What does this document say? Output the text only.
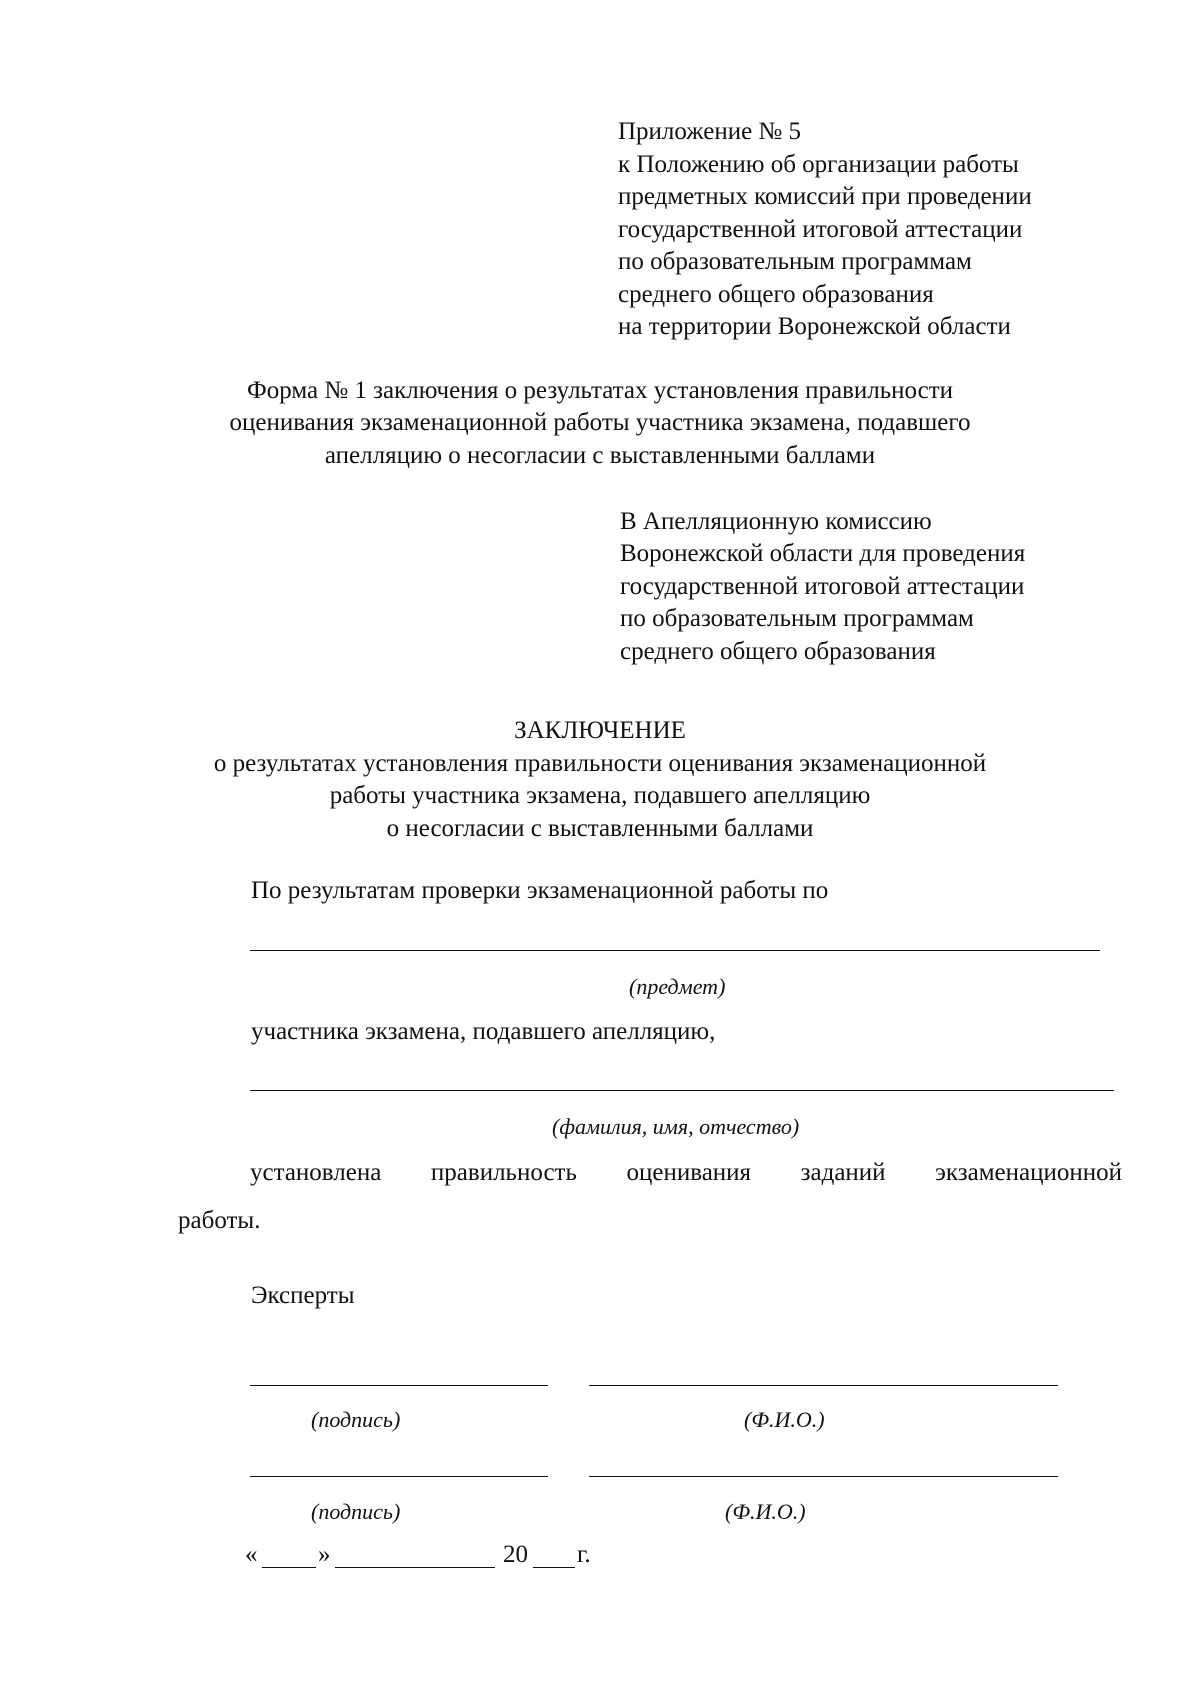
Приложение № 5
к Положению об организации работы
предметных комиссий при проведении
государственной итоговой аттестации
по образовательным программам
среднего общего образования
на территории Воронежской области
Форма № 1 заключения о результатах установления правильности
оценивания экзаменационной работы участника экзамена, подавшего
апелляцию о несогласии с выставленными баллами
В Апелляционную комиссию
Воронежской области для проведения
государственной итоговой аттестации
по образовательным программам
среднего общего образования
ЗАКЛЮЧЕНИЕ
о результатах установления правильности оценивания экзаменационной
работы участника экзамена, подавшего апелляцию
о несогласии с выставленными баллами
По результатам проверки экзаменационной работы по
(предмет)
участника экзамена, подавшего апелляцию,
(фамилия, имя, отчество)
установлена правильность оценивания заданий экзаменационной
работы.
Эксперты
(подпись)	(Ф.И.О.)
(подпись)	(Ф.И.О.)
« »	20 г.
